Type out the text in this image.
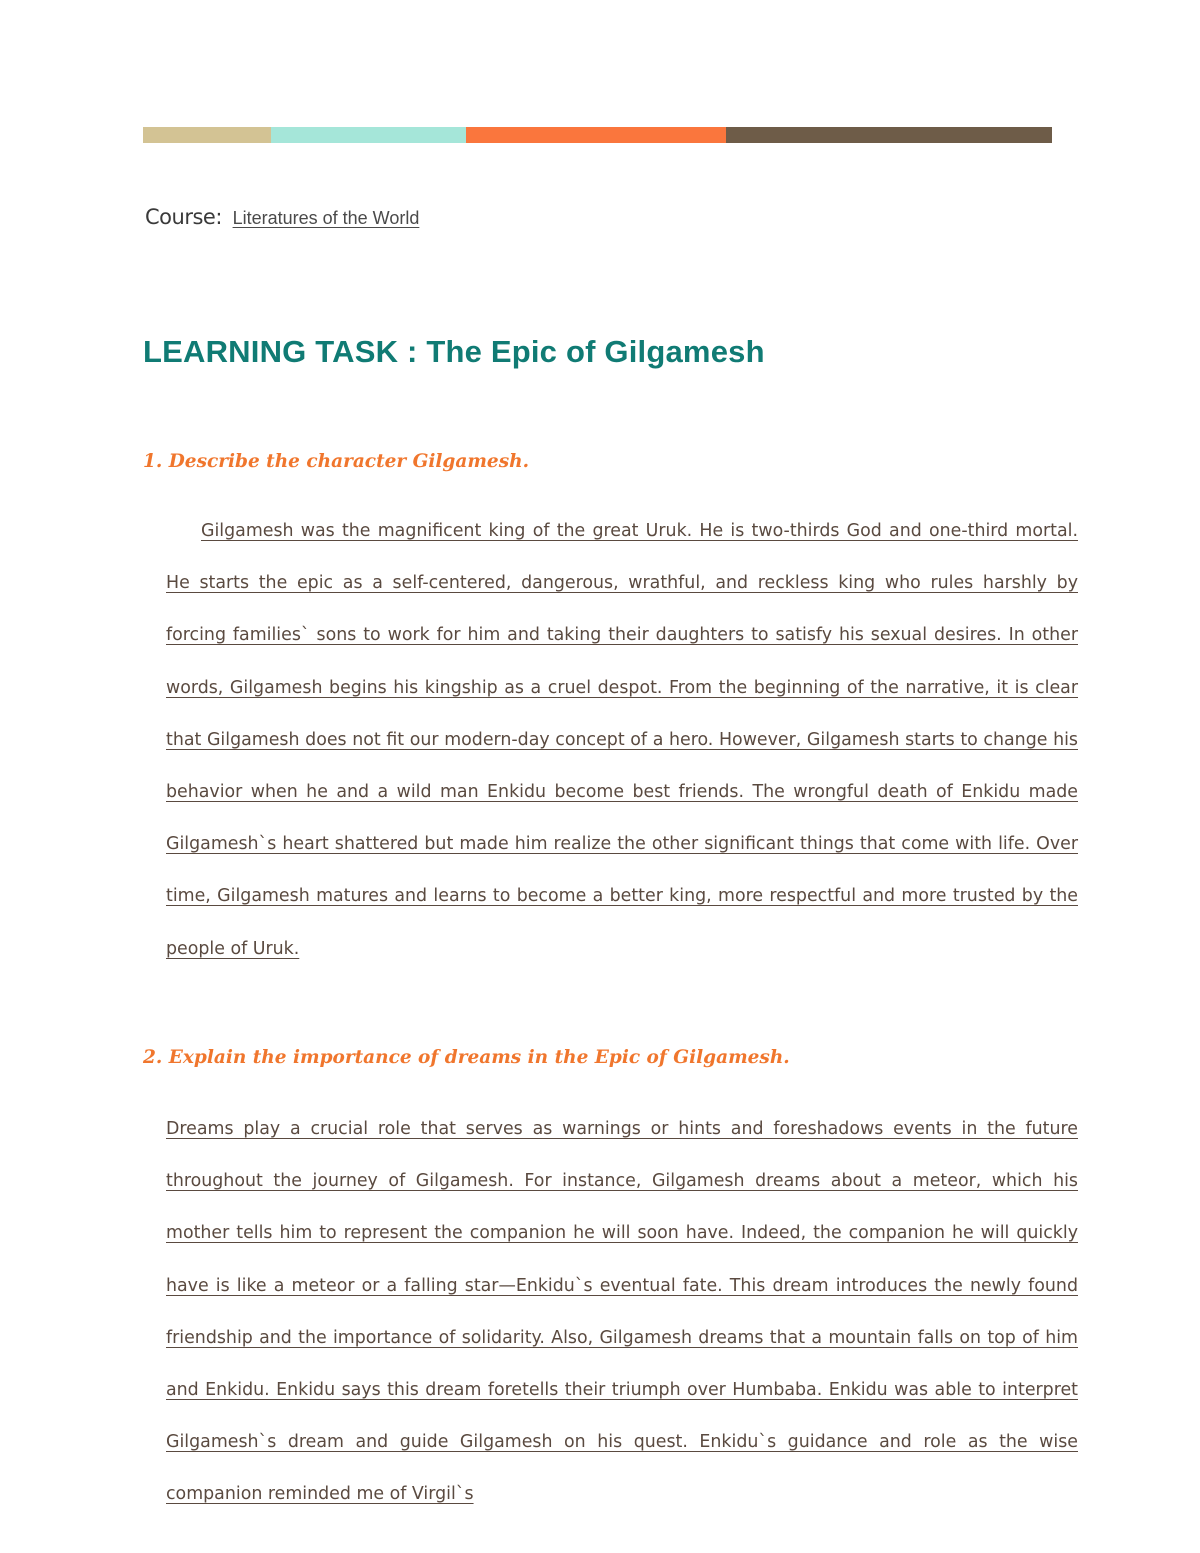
Course: Literatures of the World
LEARNING TASK : The Epic of Gilgamesh
1. Describe the character Gilgamesh.

Gilgamesh was the magnificent king of the great Uruk. He is two-thirds God and one-third mortal. He starts the epic as a self-centered, dangerous, wrathful, and reckless king who rules harshly by forcing families` sons to work for him and taking their daughters to satisfy his sexual desires. In other words, Gilgamesh begins his kingship as a cruel despot. From the beginning of the narrative, it is clear that Gilgamesh does not fit our modern-day concept of a hero. However, Gilgamesh starts to change his behavior when he and a wild man Enkidu become best friends. The wrongful death of Enkidu made Gilgamesh`s heart shattered but made him realize the other significant things that come with life. Over time, Gilgamesh matures and learns to become a better king, more respectful and more trusted by the people of Uruk.

2. Explain the importance of dreams in the Epic of Gilgamesh.

Dreams play a crucial role that serves as warnings or hints and foreshadows events in the future throughout the journey of Gilgamesh. For instance, Gilgamesh dreams about a meteor, which his mother tells him to represent the companion he will soon have. Indeed, the companion he will quickly have is like a meteor or a falling star—Enkidu`s eventual fate. This dream introduces the newly found friendship and the importance of solidarity. Also, Gilgamesh dreams that a mountain falls on top of him and Enkidu. Enkidu says this dream foretells their triumph over Humbaba. Enkidu was able to interpret Gilgamesh`s dream and guide Gilgamesh on his quest. Enkidu`s guidance and role as the wise companion reminded me of Virgil`s
